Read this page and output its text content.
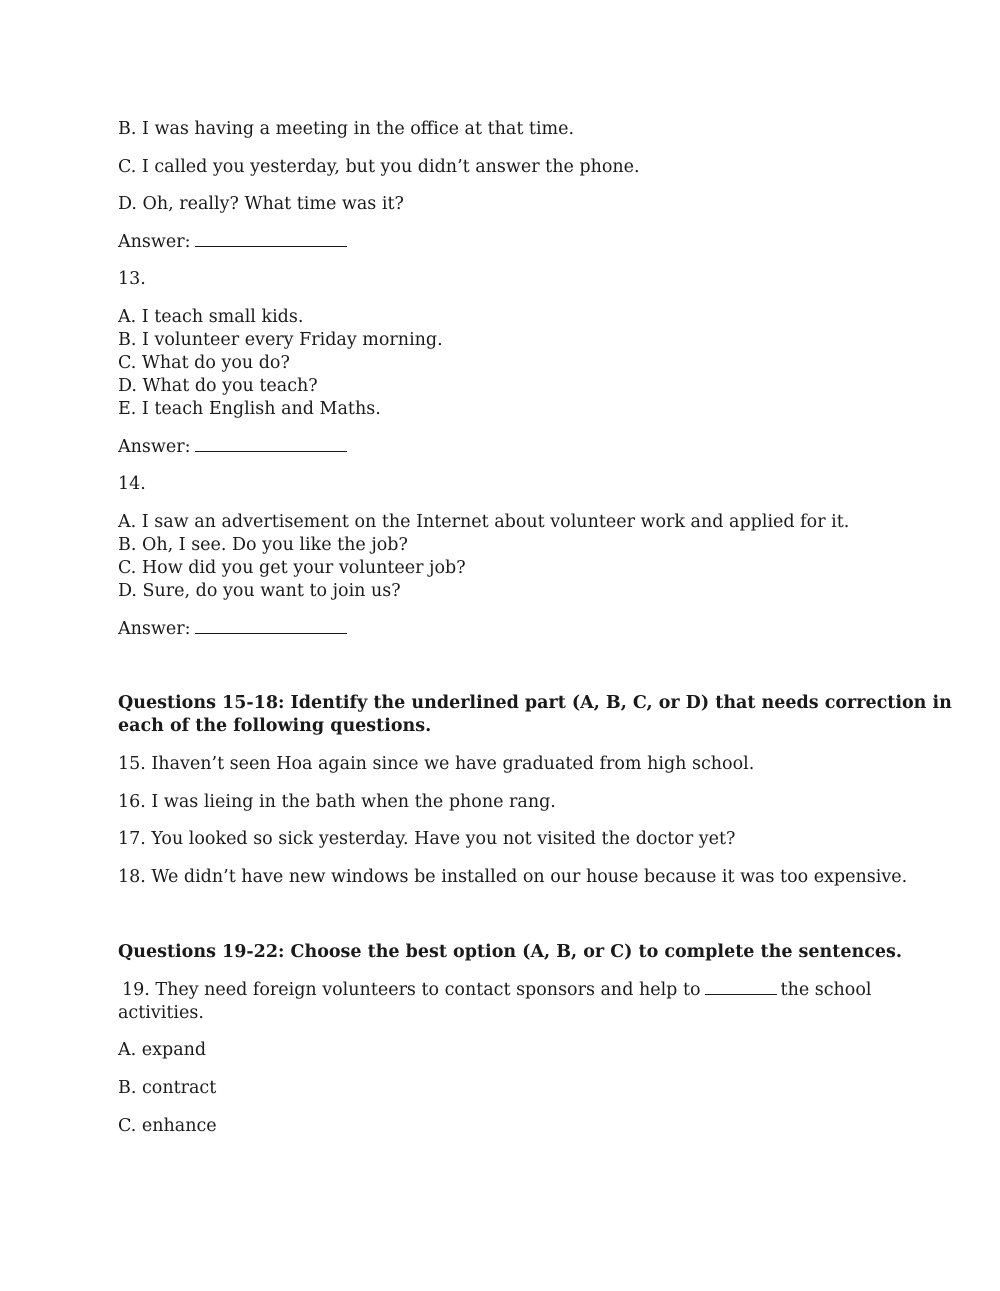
B. I was having a meeting in the office at that time.
C. I called you yesterday, but you didn’t answer the phone.
D. Oh, really? What time was it?
Answer:
13.
A. I teach small kids.
B. I volunteer every Friday morning.
C. What do you do?
D. What do you teach?
E. I teach English and Maths.
Answer:
14.
A. I saw an advertisement on the Internet about volunteer work and applied for it.
B. Oh, I see. Do you like the job?
C. How did you get your volunteer job?
D. Sure, do you want to join us?
Answer:
Questions 15-18: Identify the underlined part (A, B, C, or D) that needs correction in
each of the following questions.
15. Ihaven’t seen Hoa again since we have graduated from high school.
16. I was lieing in the bath when the phone rang.
17. You looked so sick yesterday. Have you not visited the doctor yet?
18. We didn’t have new windows be installed on our house because it was too expensive.
Questions 19-22: Choose the best option (A, B, or C) to complete the sentences.
19. They need foreign volunteers to contact sponsors and help to	the school
activities.
A. expand
B. contract
C. enhance
